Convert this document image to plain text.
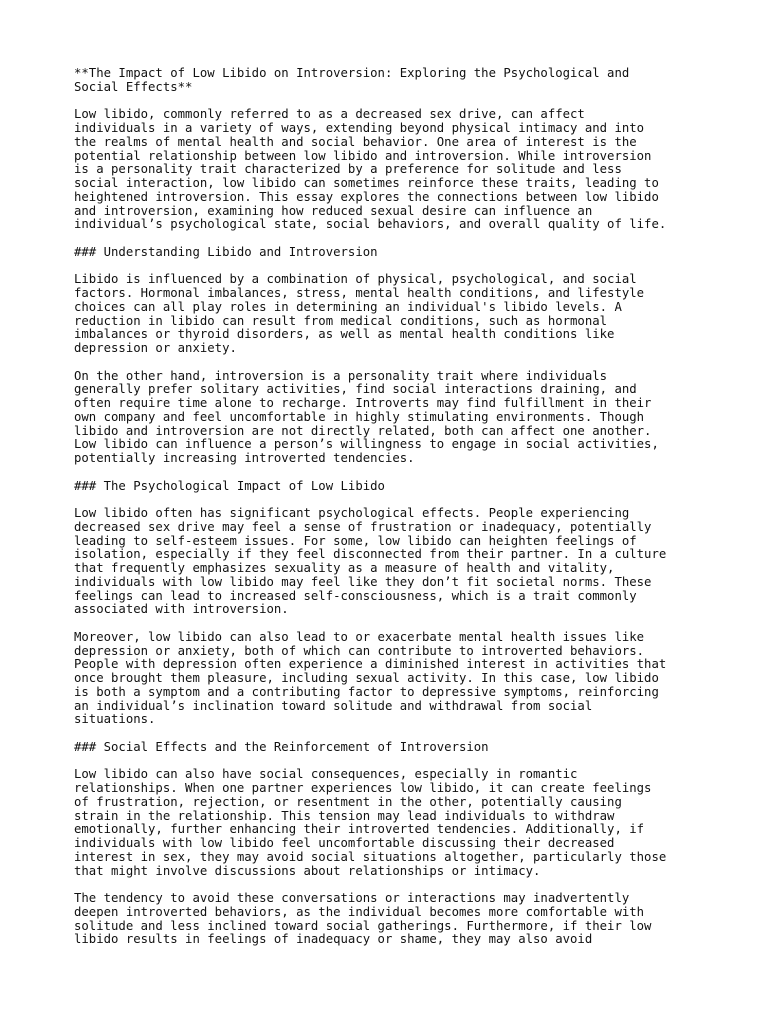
**The Impact of Low Libido on Introversion: Exploring the Psychological and
Social Effects**
Low libido, commonly referred to as a decreased sex drive, can affect
individuals in a variety of ways, extending beyond physical intimacy and into
the realms of mental health and social behavior. One area of interest is the
potential relationship between low libido and introversion. While introversion
is a personality trait characterized by a preference for solitude and less
social interaction, low libido can sometimes reinforce these traits, leading to
heightened introversion. This essay explores the connections between low libido
and introversion, examining how reduced sexual desire can influence an
individual’s psychological state, social behaviors, and overall quality of life.
### Understanding Libido and Introversion
Libido is influenced by a combination of physical, psychological, and social
factors. Hormonal imbalances, stress, mental health conditions, and lifestyle
choices can all play roles in determining an individual's libido levels. A
reduction in libido can result from medical conditions, such as hormonal
imbalances or thyroid disorders, as well as mental health conditions like
depression or anxiety.
On the other hand, introversion is a personality trait where individuals
generally prefer solitary activities, find social interactions draining, and
often require time alone to recharge. Introverts may find fulfillment in their
own company and feel uncomfortable in highly stimulating environments. Though
libido and introversion are not directly related, both can affect one another.
Low libido can influence a person’s willingness to engage in social activities,
potentially increasing introverted tendencies.
### The Psychological Impact of Low Libido
Low libido often has significant psychological effects. People experiencing
decreased sex drive may feel a sense of frustration or inadequacy, potentially
leading to self-esteem issues. For some, low libido can heighten feelings of
isolation, especially if they feel disconnected from their partner. In a culture
that frequently emphasizes sexuality as a measure of health and vitality,
individuals with low libido may feel like they don’t fit societal norms. These
feelings can lead to increased self-consciousness, which is a trait commonly
associated with introversion.
Moreover, low libido can also lead to or exacerbate mental health issues like
depression or anxiety, both of which can contribute to introverted behaviors.
People with depression often experience a diminished interest in activities that
once brought them pleasure, including sexual activity. In this case, low libido
is both a symptom and a contributing factor to depressive symptoms, reinforcing
an individual’s inclination toward solitude and withdrawal from social
situations.
### Social Effects and the Reinforcement of Introversion
Low libido can also have social consequences, especially in romantic
relationships. When one partner experiences low libido, it can create feelings
of frustration, rejection, or resentment in the other, potentially causing
strain in the relationship. This tension may lead individuals to withdraw
emotionally, further enhancing their introverted tendencies. Additionally, if
individuals with low libido feel uncomfortable discussing their decreased
interest in sex, they may avoid social situations altogether, particularly those
that might involve discussions about relationships or intimacy.
The tendency to avoid these conversations or interactions may inadvertently
deepen introverted behaviors, as the individual becomes more comfortable with
solitude and less inclined toward social gatherings. Furthermore, if their low
libido results in feelings of inadequacy or shame, they may also avoid
